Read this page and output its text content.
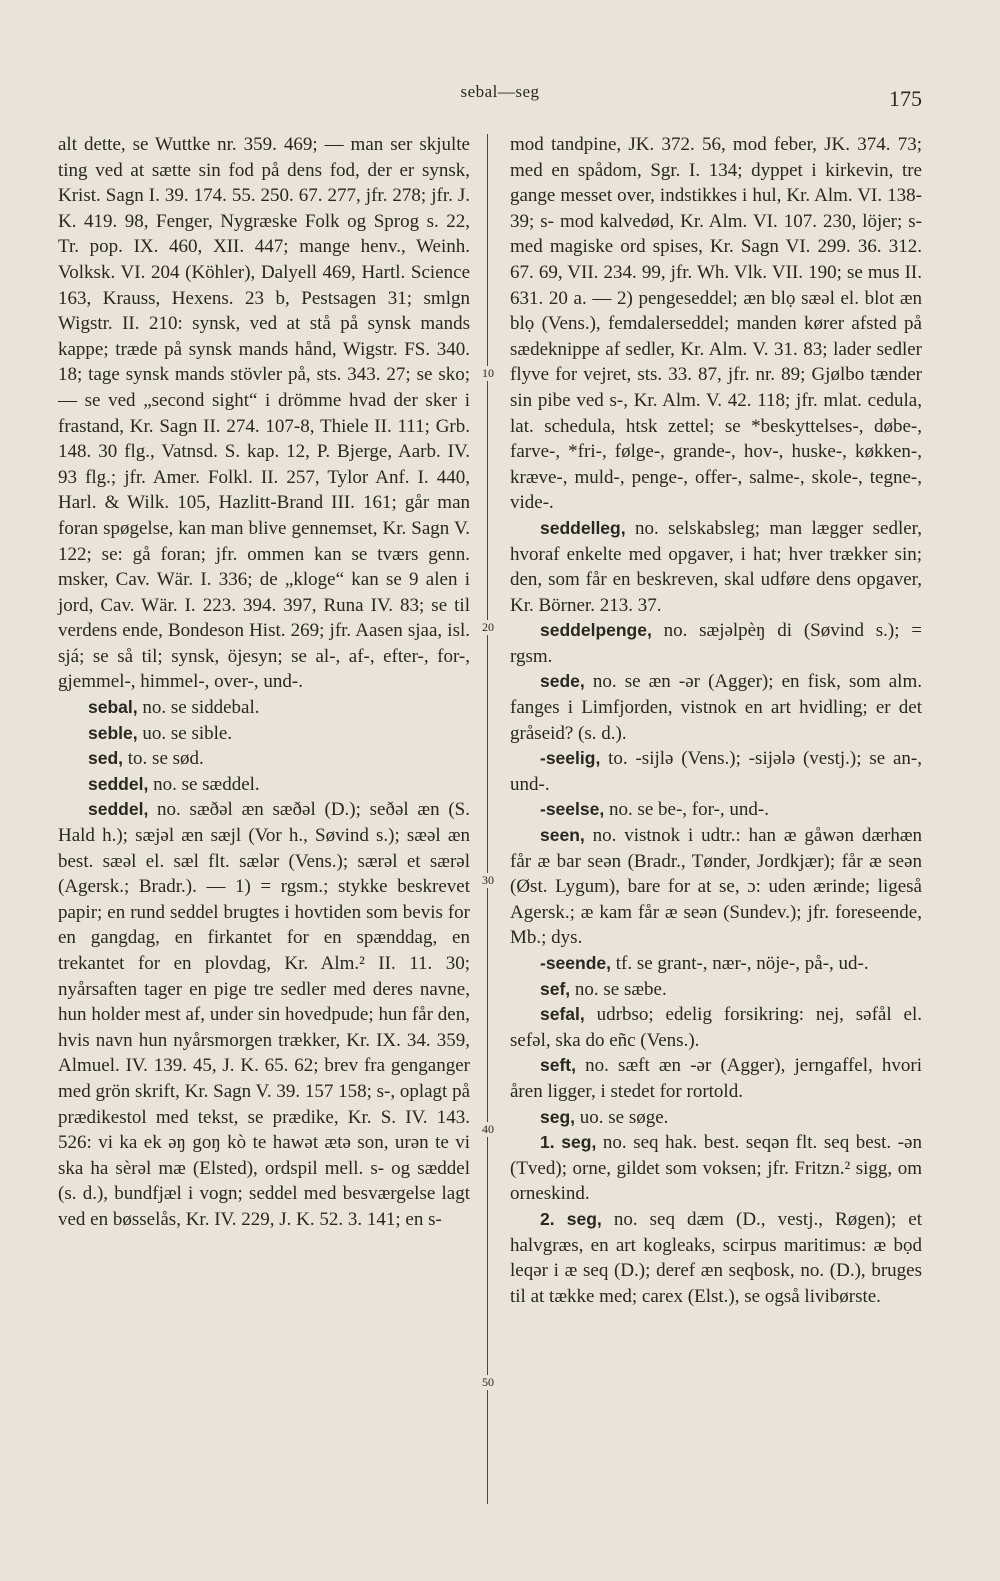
sebal—seg	175

alt dette, se Wuttke nr. 359. 469; — man ser skjulte ting ved at sætte sin fod på dens fod, der er synsk, Krist. Sagn I. 39. 174. 55. 250. 67. 277, jfr. 278; jfr. J. K. 419. 98, Fenger, Nygræske Folk og Sprog s. 22, Tr. pop. IX. 460, XII. 447; mange henv., Weinh. Volksk. VI. 204 (Köhler), Dalyell 469, Hartl. Science 163, Krauss, Hexens. 23 b, Pestsagen 31; smlgn Wigstr. II. 210: synsk, ved at stå på synsk mands kappe; træde på synsk mands hånd, Wigstr. FS. 340. 18; tage synsk mands stövler på, sts. 343. 27; se sko; — se ved „second sight“ i drömme hvad der sker i frastand, Kr. Sagn II. 274. 107-8, Thiele II. 111; Grb. 148. 30 flg., Vatnsd. S. kap. 12, P. Bjerge, Aarb. IV. 93 flg.; jfr. Amer. Folkl. II. 257, Tylor Anf. I. 440, Harl. & Wilk. 105, Hazlitt-Brand III. 161; går man foran spøgelse, kan man blive gennemset, Kr. Sagn V. 122; se: gå foran; jfr. ommen kan se tværs genn. msker, Cav. Wär. I. 336; de „kloge“ kan se 9 alen i jord, Cav. Wär. I. 223. 394. 397, Runa IV. 83; se til verdens ende, Bondeson Hist. 269; jfr. Aasen sjaa, isl. sjá; se så til; synsk, öjesyn; se al-, af-, efter-, for-, gjemmel-, himmel-, over-, und-.

sebal, no. se siddebal.

seble, uo. se sible.

sed, to. se sød.

seddel, no. se sæddel.

seddel, no. sæðəl æn sæðəl (D.); seðəl æn (S. Hald h.); sæjəl æn sæjl (Vor h., Søvind s.); sæəl æn best. sæəl el. sæl flt. sælər (Vens.); særəl et særəl (Agersk.; Bradr.). — 1) = rgsm.; stykke beskrevet papir; en rund seddel brugtes i hovtiden som bevis for en gangdag, en firkantet for en spænddag, en trekantet for en plovdag, Kr. Alm.² II. 11. 30; nyårsaften tager en pige tre sedler med deres navne, hun holder mest af, under sin hovedpude; hun får den, hvis navn hun nyårsmorgen trækker, Kr. IX. 34. 359, Almuel. IV. 139. 45, J. K. 65. 62; brev fra genganger med grön skrift, Kr. Sagn V. 39. 157 158; s-, oplagt på prædikestol med tekst, se prædike, Kr. S. IV. 143. 526: vi ka ek əŋ goŋ kò te hawət ætə son, urən te vi ska ha sèrəl mæ (Elsted), ordspil mell. s- og sæddel (s. d.), bundfjæl i vogn; seddel med besværgelse lagt ved en bøsselås, Kr. IV. 229, J. K. 52. 3. 141; en s-

mod tandpine, JK. 372. 56, mod feber, JK. 374. 73; med en spådom, Sgr. I. 134; dyppet i kirkevin, tre gange messet over, indstikkes i hul, Kr. Alm. VI. 138-39; s- mod kalvedød, Kr. Alm. VI. 107. 230, löjer; s- med magiske ord spises, Kr. Sagn VI. 299. 36. 312. 67. 69, VII. 234. 99, jfr. Wh. Vlk. VII. 190; se mus II. 631. 20 a. — 2) pengeseddel; æn blọ sæəl el. blot æn blọ (Vens.), femdalerseddel; manden kører afsted på sædeknippe af sedler, Kr. Alm. V. 31. 83; lader sedler flyve for vejret, sts. 33. 87, jfr. nr. 89; Gjølbo tænder sin pibe ved s-, Kr. Alm. V. 42. 118; jfr. mlat. cedula, lat. schedula, htsk zettel; se *beskyttelses-, døbe-, farve-, *fri-, følge-, grande-, hov-, huske-, køkken-, kræve-, muld-, penge-, offer-, salme-, skole-, tegne-, vide-.

seddelleg, no. selskabsleg; man lægger sedler, hvoraf enkelte med opgaver, i hat; hver trækker sin; den, som får en beskreven, skal udføre dens opgaver, Kr. Börner. 213. 37.

seddelpenge, no. sæjəlpèŋ di (Søvind s.); = rgsm.

sede, no. se æn -ər (Agger); en fisk, som alm. fanges i Limfjorden, vistnok en art hvidling; er det gråseid? (s. d.).

-seelig, to. -sijlə (Vens.); -sijələ (vestj.); se an-, und-.

-seelse, no. se be-, for-, und-.

seen, no. vistnok i udtr.: han æ gåwən dærhæn får æ bar seən (Bradr., Tønder, Jordkjær); får æ seən (Øst. Lygum), bare for at se, ɔ: uden ærinde; ligeså Agersk.; æ kam får æ seən (Sundev.); jfr. foreseende, Mb.; dys.

-seende, tf. se grant-, nær-, nöje-, på-, ud-.

sef, no. se sæbe.

sefal, udrbso; edelig forsikring: nej, səfål el. sefəl, ska do eñc (Vens.).

seft, no. sæft æn -ər (Agger), jerngaffel, hvori åren ligger, i stedet for rortold.

seg, uo. se søge.

1. seg, no. seq hak. best. seqən flt. seq best. -ən (Tved); orne, gildet som voksen; jfr. Fritzn.² sigg, om orneskind.

2. seg, no. seq dæm (D., vestj., Røgen); et halvgræs, en art kogleaks, scirpus maritimus: æ bọd leqər i æ seq (D.); deref æn seqbosk, no. (D.), bruges til at tække med; carex (Elst.), se også livibørste.

10
20
30
40
50
